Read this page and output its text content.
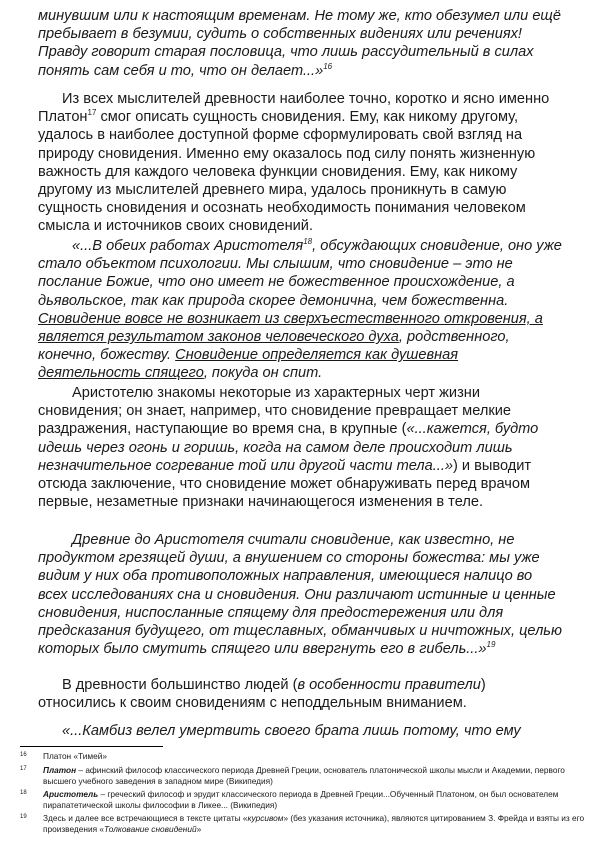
минувшим или к настоящим временам. Не тому же, кто обезумел или ещё пребывает в безумии, судить о собственных видениях или речениях! Правду говорит старая пословица, что лишь рассудительный в силах понять сам себя и то, что он делает...»$^{16}$

Из всех мыслителей древности наиболее точно, коротко и ясно именно Платон$^{17}$ смог описать сущность сновидения. Ему, как никому другому, удалось в наиболее доступной форме сформулировать свой взгляд на природу сновидения. Именно ему оказалось под силу понять жизненную важность для каждого человека функции сновидения. Ему, как никому другому из мыслителей древнего мира, удалось проникнуть в самую сущность сновидения и осознать необходимость понимания человеком смысла и источников своих сновидений.

«...В обеих работах Аристотеля$^{18}$, обсуждающих сновидение, оно уже стало объектом психологии. Мы слышим, что сновидение – это не послание Божие, что оно имеет не божественное происхождение, а дьявольское, так как природа скорее демонична, чем божественна. Сновидение вовсе не возникает из сверхъестественного откровения, а является результатом законов человеческого духа, родственного, конечно, божеству. Сновидение определяется как душевная деятельность спящего, покуда он спит.

Аристотелю знакомы некоторые из характерных черт жизни сновидения; он знает, например, что сновидение превращает мелкие раздражения, наступающие во время сна, в крупные («...кажется, будто идешь через огонь и горишь, когда на самом деле происходит лишь незначительное согревание той или другой части тела...») и выводит отсюда заключение, что сновидение может обнаруживать перед врачом первые, незаметные признаки начинающегося изменения в теле.

Древние до Аристотеля считали сновидение, как известно, не продуктом грезящей души, а внушением со стороны божества: мы уже видим у них оба противоположных направления, имеющиеся налицо во всех исследованиях сна и сновидения. Они различают истинные и ценные сновидения, ниспосланные спящему для предостережения или для предсказания будущего, от тщеславных, обманчивых и ничтожных, целью которых было смутить спящего или ввергнуть его в гибель...»$^{19}$

В древности большинство людей (в особенности правители) относились к своим сновидениям с неподдельным вниманием.

«...Камбиз велел умертвить своего брата лишь потому, что ему

16 Платон «Тимей»
17 Платон – афинский философ классического периода Древней Греции, основатель платонической школы мысли и Академии, первого высшего учебного заведения в западном мире (Википедия)
18 Аристотель – греческий философ и эрудит классического периода в Древней Греции...Обученный Платоном, он был основателем пирапатетической школы философии в Ликее... (Википедия)
19 Здесь и далее все встречающиеся в тексте цитаты «курсивом» (без указания источника), являются цитированием З. Фрейда и взяты из его произведения «Толкование сновидений»
